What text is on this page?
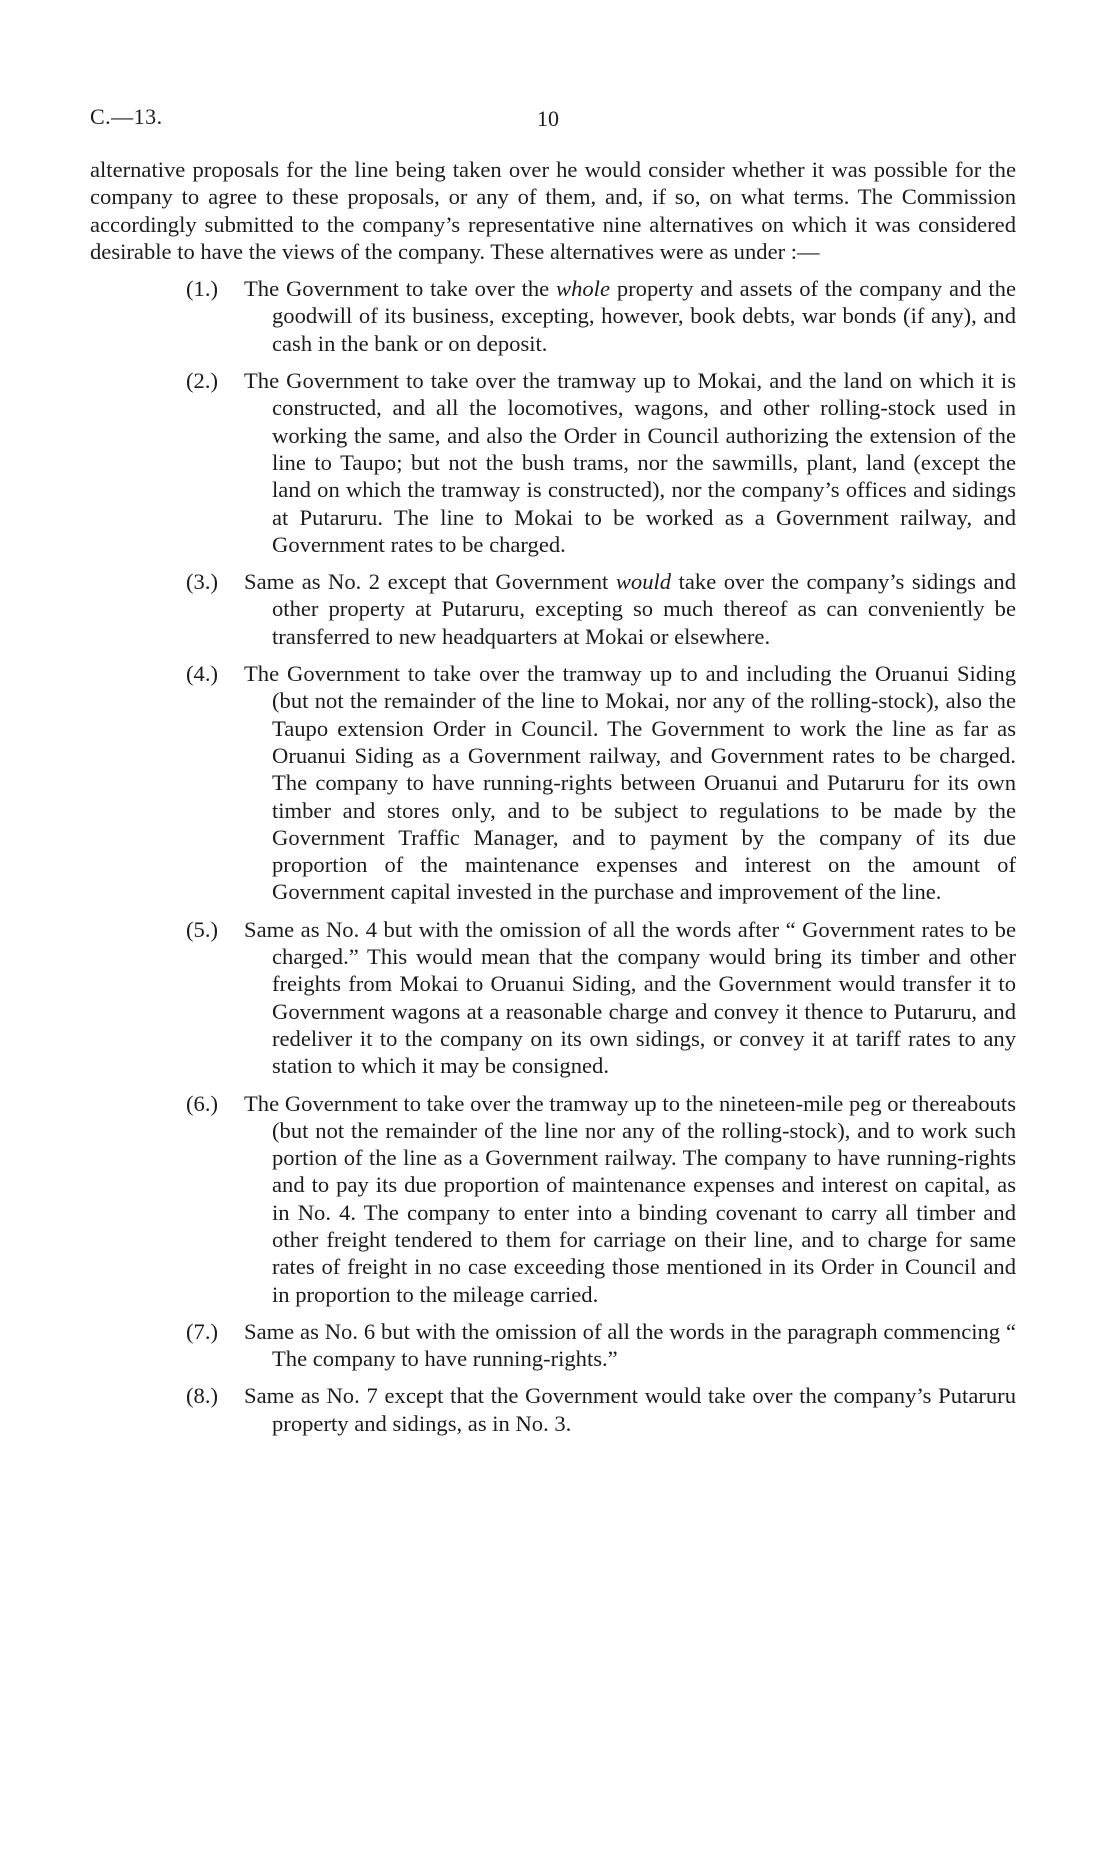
C.—13.	10

alternative proposals for the line being taken over he would consider whether it was possible for the company to agree to these proposals, or any of them, and, if so, on what terms. The Commission accordingly submitted to the company’s representative nine alternatives on which it was considered desirable to have the views of the company. These alternatives were as under :—

(1.) The Government to take over the whole property and assets of the company and the goodwill of its business, excepting, however, book debts, war bonds (if any), and cash in the bank or on deposit.
(2.) The Government to take over the tramway up to Mokai, and the land on which it is constructed, and all the locomotives, wagons, and other rolling-stock used in working the same, and also the Order in Council authorizing the extension of the line to Taupo; but not the bush trams, nor the sawmills, plant, land (except the land on which the tramway is constructed), nor the company’s offices and sidings at Putaruru. The line to Mokai to be worked as a Government railway, and Government rates to be charged.
(3.) Same as No. 2 except that Government would take over the company’s sidings and other property at Putaruru, excepting so much thereof as can conveniently be transferred to new headquarters at Mokai or elsewhere.
(4.) The Government to take over the tramway up to and including the Oruanui Siding (but not the remainder of the line to Mokai, nor any of the rolling-stock), also the Taupo extension Order in Council. The Government to work the line as far as Oruanui Siding as a Government railway, and Government rates to be charged. The company to have running-rights between Oruanui and Putaruru for its own timber and stores only, and to be subject to regulations to be made by the Government Traffic Manager, and to payment by the company of its due proportion of the maintenance expenses and interest on the amount of Government capital invested in the purchase and improvement of the line.
(5.) Same as No. 4 but with the omission of all the words after “ Government rates to be charged.” This would mean that the company would bring its timber and other freights from Mokai to Oruanui Siding, and the Government would transfer it to Government wagons at a reasonable charge and convey it thence to Putaruru, and redeliver it to the company on its own sidings, or convey it at tariff rates to any station to which it may be consigned.
(6.) The Government to take over the tramway up to the nineteen-mile peg or thereabouts (but not the remainder of the line nor any of the rolling-stock), and to work such portion of the line as a Government railway. The company to have running-rights and to pay its due proportion of maintenance expenses and interest on capital, as in No. 4. The company to enter into a binding covenant to carry all timber and other freight tendered to them for carriage on their line, and to charge for same rates of freight in no case exceeding those mentioned in its Order in Council and in proportion to the mileage carried.
(7.) Same as No. 6 but with the omission of all the words in the paragraph commencing “ The company to have running-rights.”
(8.) Same as No. 7 except that the Government would take over the company’s Putaruru property and sidings, as in No. 3.
